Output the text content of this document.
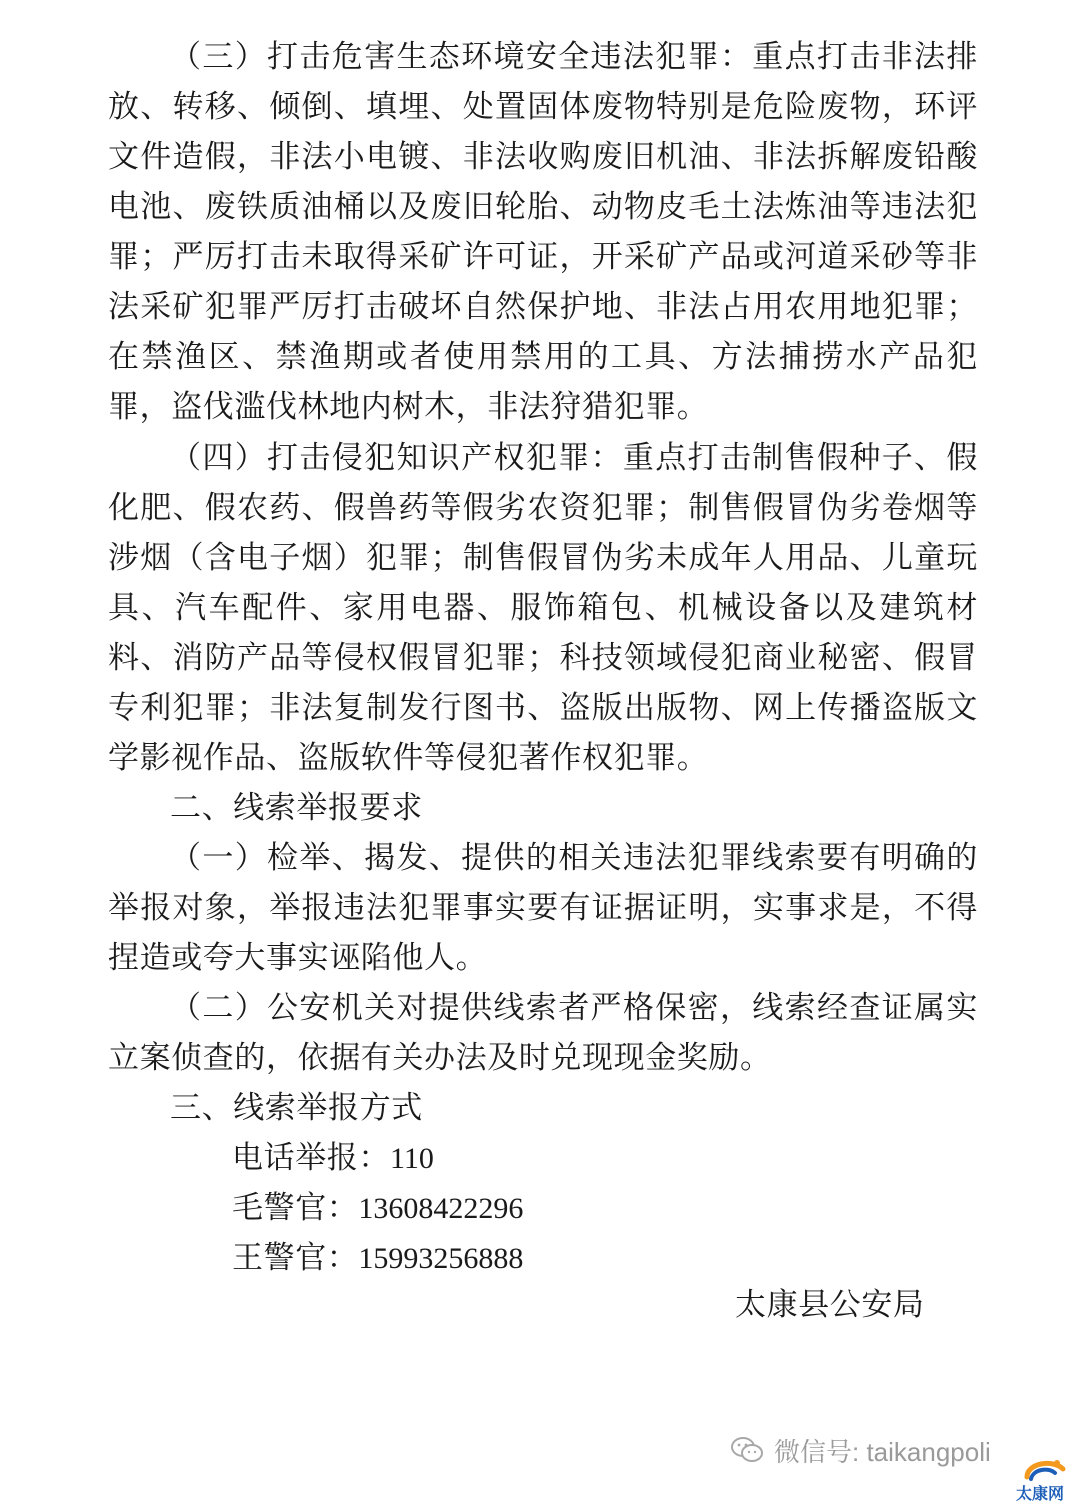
（三）打击危害生态环境安全违法犯罪：重点打击非法排放、转移、倾倒、填埋、处置固体废物特别是危险废物，环评文件造假，非法小电镀、非法收购废旧机油、非法拆解废铅酸电池、废铁质油桶以及废旧轮胎、动物皮毛土法炼油等违法犯罪；严厉打击未取得采矿许可证，开采矿产品或河道采砂等非法采矿犯罪严厉打击破坏自然保护地、非法占用农用地犯罪；在禁渔区、禁渔期或者使用禁用的工具、方法捕捞水产品犯罪，盗伐滥伐林地内树木，非法狩猎犯罪。

（四）打击侵犯知识产权犯罪：重点打击制售假种子、假化肥、假农药、假兽药等假劣农资犯罪；制售假冒伪劣卷烟等涉烟（含电子烟）犯罪；制售假冒伪劣未成年人用品、儿童玩具、汽车配件、家用电器、服饰箱包、机械设备以及建筑材料、消防产品等侵权假冒犯罪；科技领域侵犯商业秘密、假冒专利犯罪；非法复制发行图书、盗版出版物、网上传播盗版文学影视作品、盗版软件等侵犯著作权犯罪。

二、线索举报要求

（一）检举、揭发、提供的相关违法犯罪线索要有明确的举报对象，举报违法犯罪事实要有证据证明，实事求是，不得捏造或夸大事实诬陷他人。

（二）公安机关对提供线索者严格保密，线索经查证属实立案侦查的，依据有关办法及时兑现现金奖励。

三、线索举报方式

电话举报：110
毛警官：13608422296
王警官：15993256888

太康县公安局

微信号: taikangpoli
太康网
